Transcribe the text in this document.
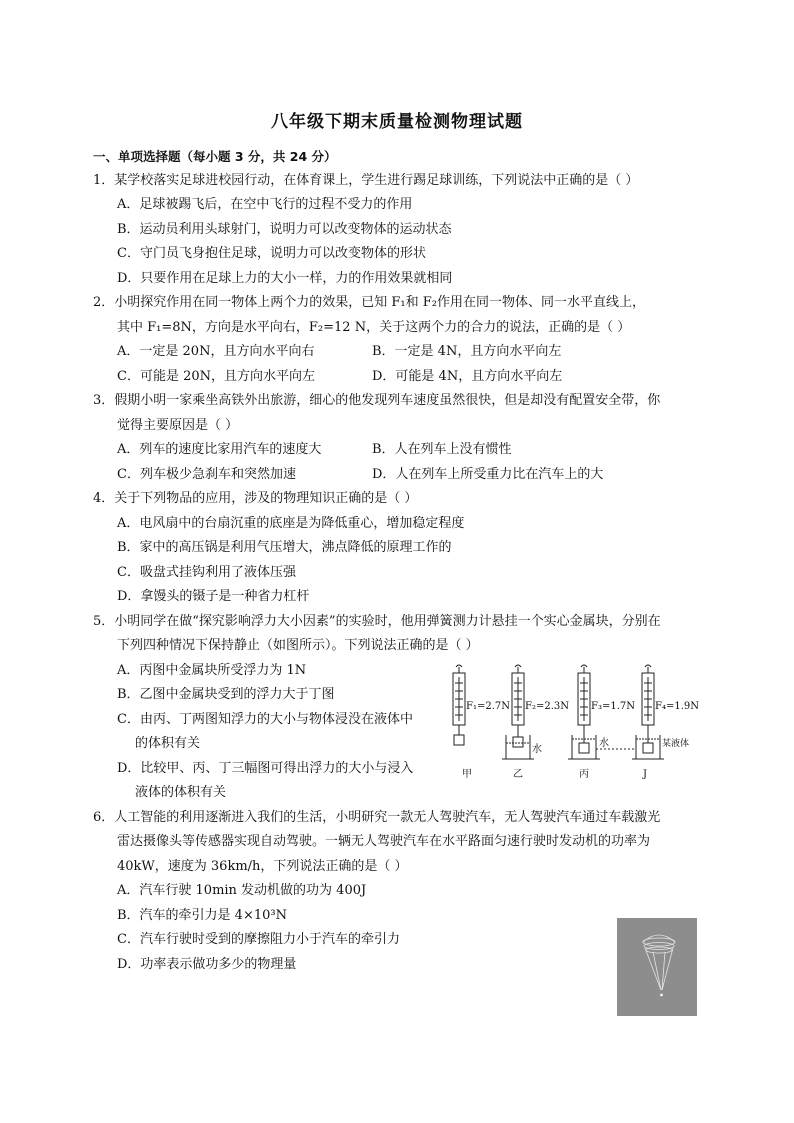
八年级下期末质量检测物理试题
一、单项选择题（每小题 3 分，共 24 分）
1．某学校落实足球进校园行动，在体育课上，学生进行踢足球训练，下列说法中正确的是（ ）
A．足球被踢飞后，在空中飞行的过程不受力的作用
B．运动员利用头球射门，说明力可以改变物体的运动状态
C．守门员飞身抱住足球，说明力可以改变物体的形状
D．只要作用在足球上力的大小一样，力的作用效果就相同
2．小明探究作用在同一物体上两个力的效果，已知 F₁和 F₂作用在同一物体、同一水平直线上，
其中 F₁=8N，方向是水平向右，F₂=12 N，关于这两个力的合力的说法，正确的是（ ）
A．一定是 20N，且方向水平向右	B．一定是 4N，且方向水平向左
C．可能是 20N，且方向水平向左	D．可能是 4N，且方向水平向左
3．假期小明一家乘坐高铁外出旅游，细心的他发现列车速度虽然很快，但是却没有配置安全带，你
觉得主要原因是（ ）
A．列车的速度比家用汽车的速度大	B．人在列车上没有惯性
C．列车极少急刹车和突然加速	D．人在列车上所受重力比在汽车上的大
4．关于下列物品的应用，涉及的物理知识正确的是（ ）
A．电风扇中的台扇沉重的底座是为降低重心，增加稳定程度
B．家中的高压锅是利用气压增大，沸点降低的原理工作的
C．吸盘式挂钩利用了液体压强
D．拿馒头的镊子是一种省力杠杆
5．小明同学在做“探究影响浮力大小因素”的实验时，他用弹簧测力计悬挂一个实心金属块，分别在
下列四种情况下保持静止（如图所示）。下列说法正确的是（ ）
A．丙图中金属块所受浮力为 1N
B．乙图中金属块受到的浮力大于丁图
C．由丙、丁两图知浮力的大小与物体浸没在液体中
的体积有关
D．比较甲、丙、丁三幅图可得出浮力的大小与浸入
液体的体积有关
F₁=2.7N F₂=2.3N F₃=1.7N F₄=1.9N
水
水	某液体
甲	乙	丙	J
6．人工智能的利用逐渐进入我们的生活，小明研究一款无人驾驶汽车，无人驾驶汽车通过车载激光
雷达摄像头等传感器实现自动驾驶。一辆无人驾驶汽车在水平路面匀速行驶时发动机的功率为
40kW，速度为 36km/h，下列说法正确的是（ ）
A．汽车行驶 10min 发动机做的功为 400J
B．汽车的牵引力是 4×10³N
C．汽车行驶时受到的摩擦阻力小于汽车的牵引力
D．功率表示做功多少的物理量
